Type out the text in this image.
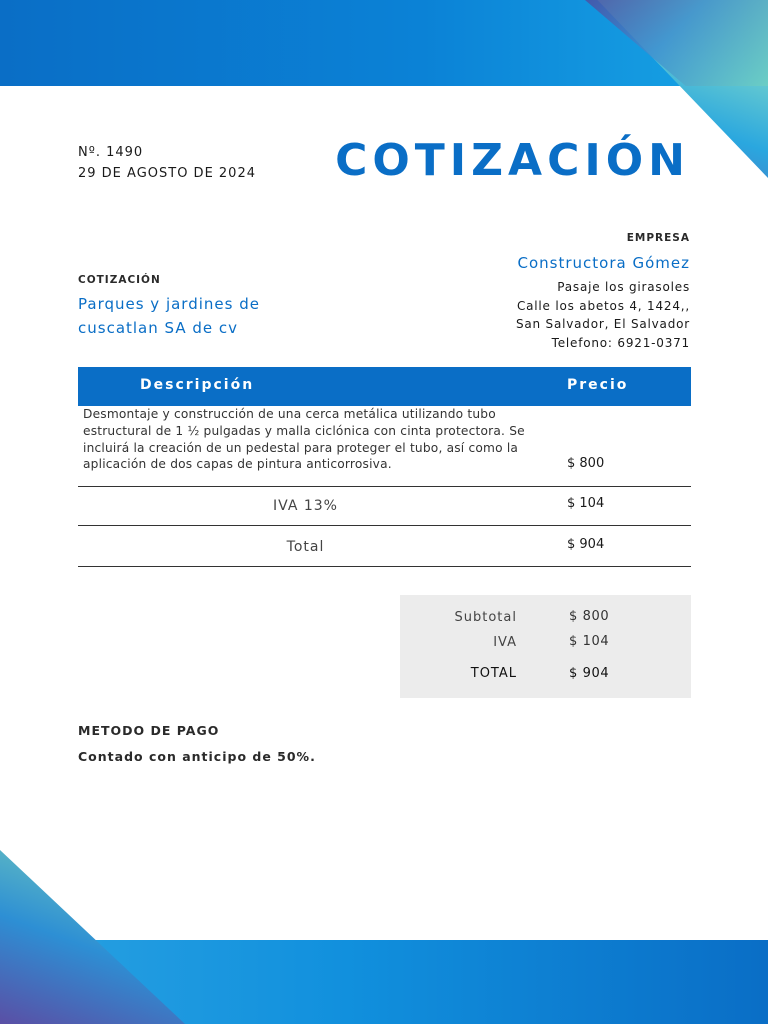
Nº. 1490
29 DE AGOSTO DE 2024 COTIZACIÓN
COTIZACIÓN
Parques y jardines de cuscatlan SA de cv
EMPRESA
Constructora Gómez
Pasaje los girasoles
Calle los abetos 4, 1424,,
San Salvador, El Salvador
Telefono: 6921-0371
Descripción	Precio
Desmontaje y construcción de una cerca metálica utilizando tubo estructural de 1 ½ pulgadas y malla ciclónica con cinta protectora. Se incluirá la creación de un pedestal para proteger el tubo, así como la aplicación de dos capas de pintura anticorrosiva.	$ 800
IVA 13%	$ 104
Total	$ 904
Subtotal	$ 800
IVA	$ 104
TOTAL	$ 904
METODO DE PAGO
Contado con anticipo de 50%.
